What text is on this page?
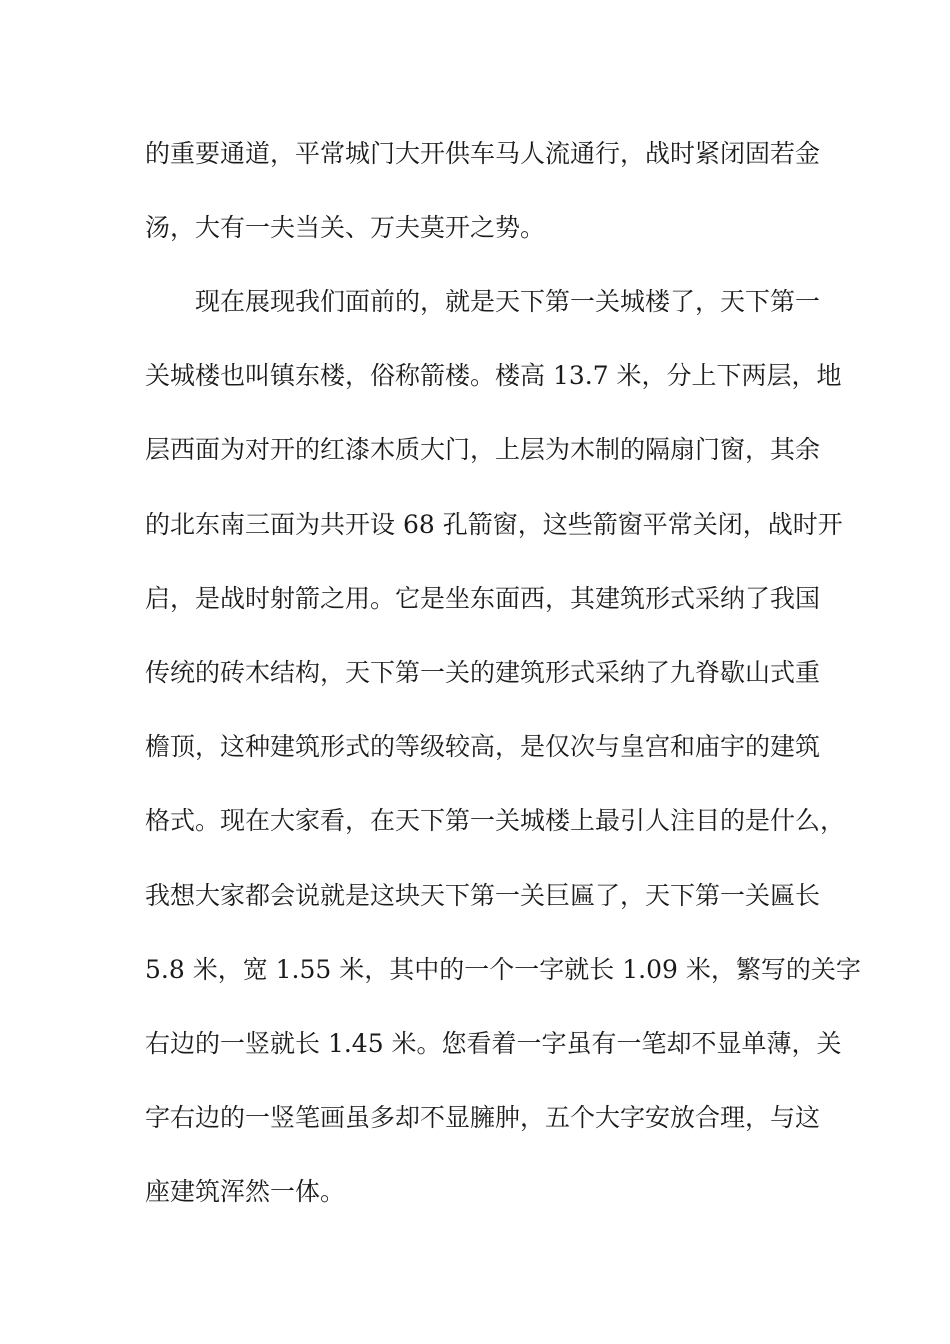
的重要通道，平常城门大开供车马人流通行，战时紧闭固若金
汤，大有一夫当关、万夫莫开之势。
　　现在展现我们面前的，就是天下第一关城楼了，天下第一
关城楼也叫镇东楼，俗称箭楼。楼高 13.7 米，分上下两层，地
层西面为对开的红漆木质大门，上层为木制的隔扇门窗，其余
的北东南三面为共开设 68 孔箭窗，这些箭窗平常关闭，战时开
启，是战时射箭之用。它是坐东面西，其建筑形式采纳了我国
传统的砖木结构，天下第一关的建筑形式采纳了九脊歇山式重
檐顶，这种建筑形式的等级较高，是仅次与皇宫和庙宇的建筑
格式。现在大家看，在天下第一关城楼上最引人注目的是什么，
我想大家都会说就是这块天下第一关巨匾了，天下第一关匾长
5.8 米，宽 1.55 米，其中的一个一字就长 1.09 米，繁写的关字
右边的一竖就长 1.45 米。您看着一字虽有一笔却不显单薄，关
字右边的一竖笔画虽多却不显臃肿，五个大字安放合理，与这
座建筑浑然一体。
